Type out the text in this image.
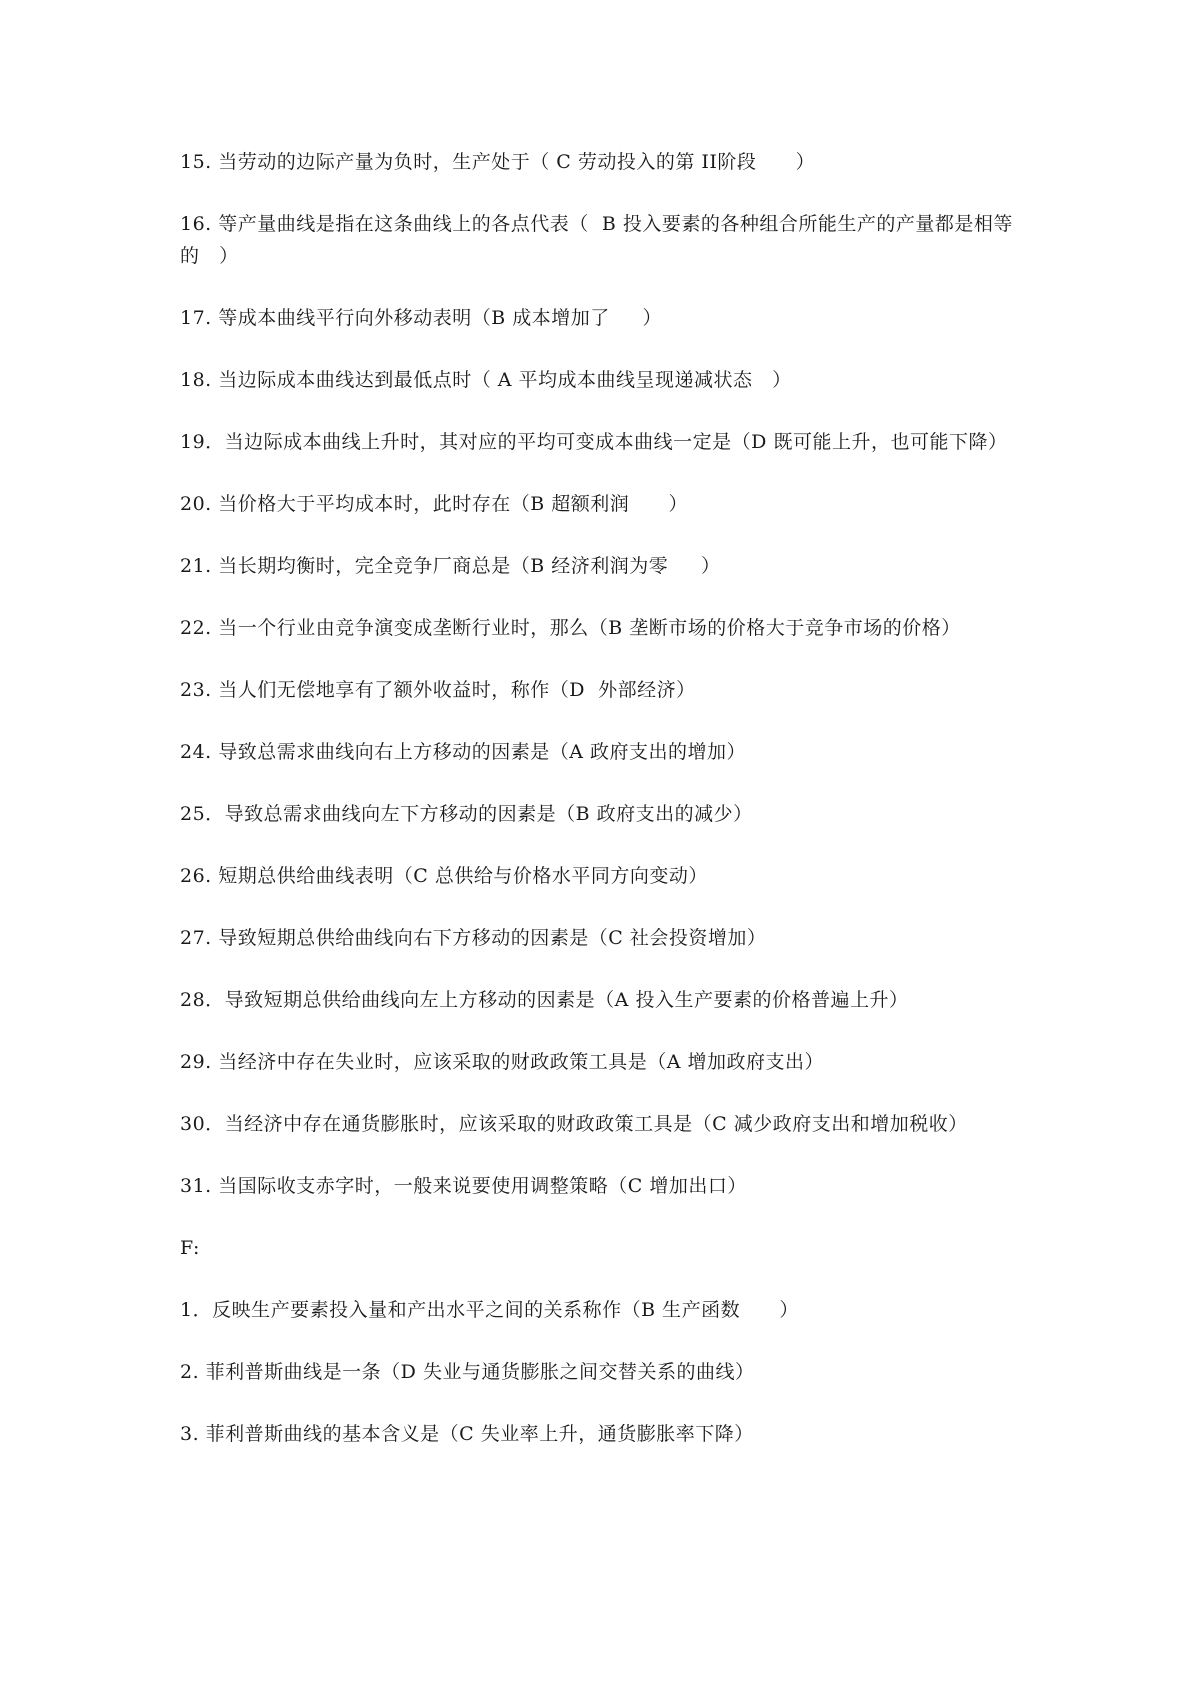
15. 当劳动的边际产量为负时，生产处于（ C 劳动投入的第 II阶段      ）

16. 等产量曲线是指在这条曲线上的各点代表（  B 投入要素的各种组合所能生产的产量都是相等的   ）

17. 等成本曲线平行向外移动表明（B 成本增加了     ）

18. 当边际成本曲线达到最低点时（ A 平均成本曲线呈现递减状态   ）

19．当边际成本曲线上升时，其对应的平均可变成本曲线一定是（D 既可能上升，也可能下降）

20. 当价格大于平均成本时，此时存在（B 超额利润      ）

21. 当长期均衡时，完全竞争厂商总是（B 经济利润为零     ）

22. 当一个行业由竞争演变成垄断行业时，那么（B 垄断市场的价格大于竞争市场的价格）

23. 当人们无偿地享有了额外收益时，称作（D  外部经济）

24. 导致总需求曲线向右上方移动的因素是（A 政府支出的增加）

25．导致总需求曲线向左下方移动的因素是（B 政府支出的减少）

26. 短期总供给曲线表明（C 总供给与价格水平同方向变动）

27. 导致短期总供给曲线向右下方移动的因素是（C 社会投资增加）

28．导致短期总供给曲线向左上方移动的因素是（A 投入生产要素的价格普遍上升）

29. 当经济中存在失业时，应该采取的财政政策工具是（A 增加政府支出）

30．当经济中存在通货膨胀时，应该采取的财政政策工具是（C 减少政府支出和增加税收）

31. 当国际收支赤字时，一般来说要使用调整策略（C 增加出口）

F:

1．反映生产要素投入量和产出水平之间的关系称作（B 生产函数      ）

2. 菲利普斯曲线是一条（D 失业与通货膨胀之间交替关系的曲线）

3. 菲利普斯曲线的基本含义是（C 失业率上升，通货膨胀率下降）
